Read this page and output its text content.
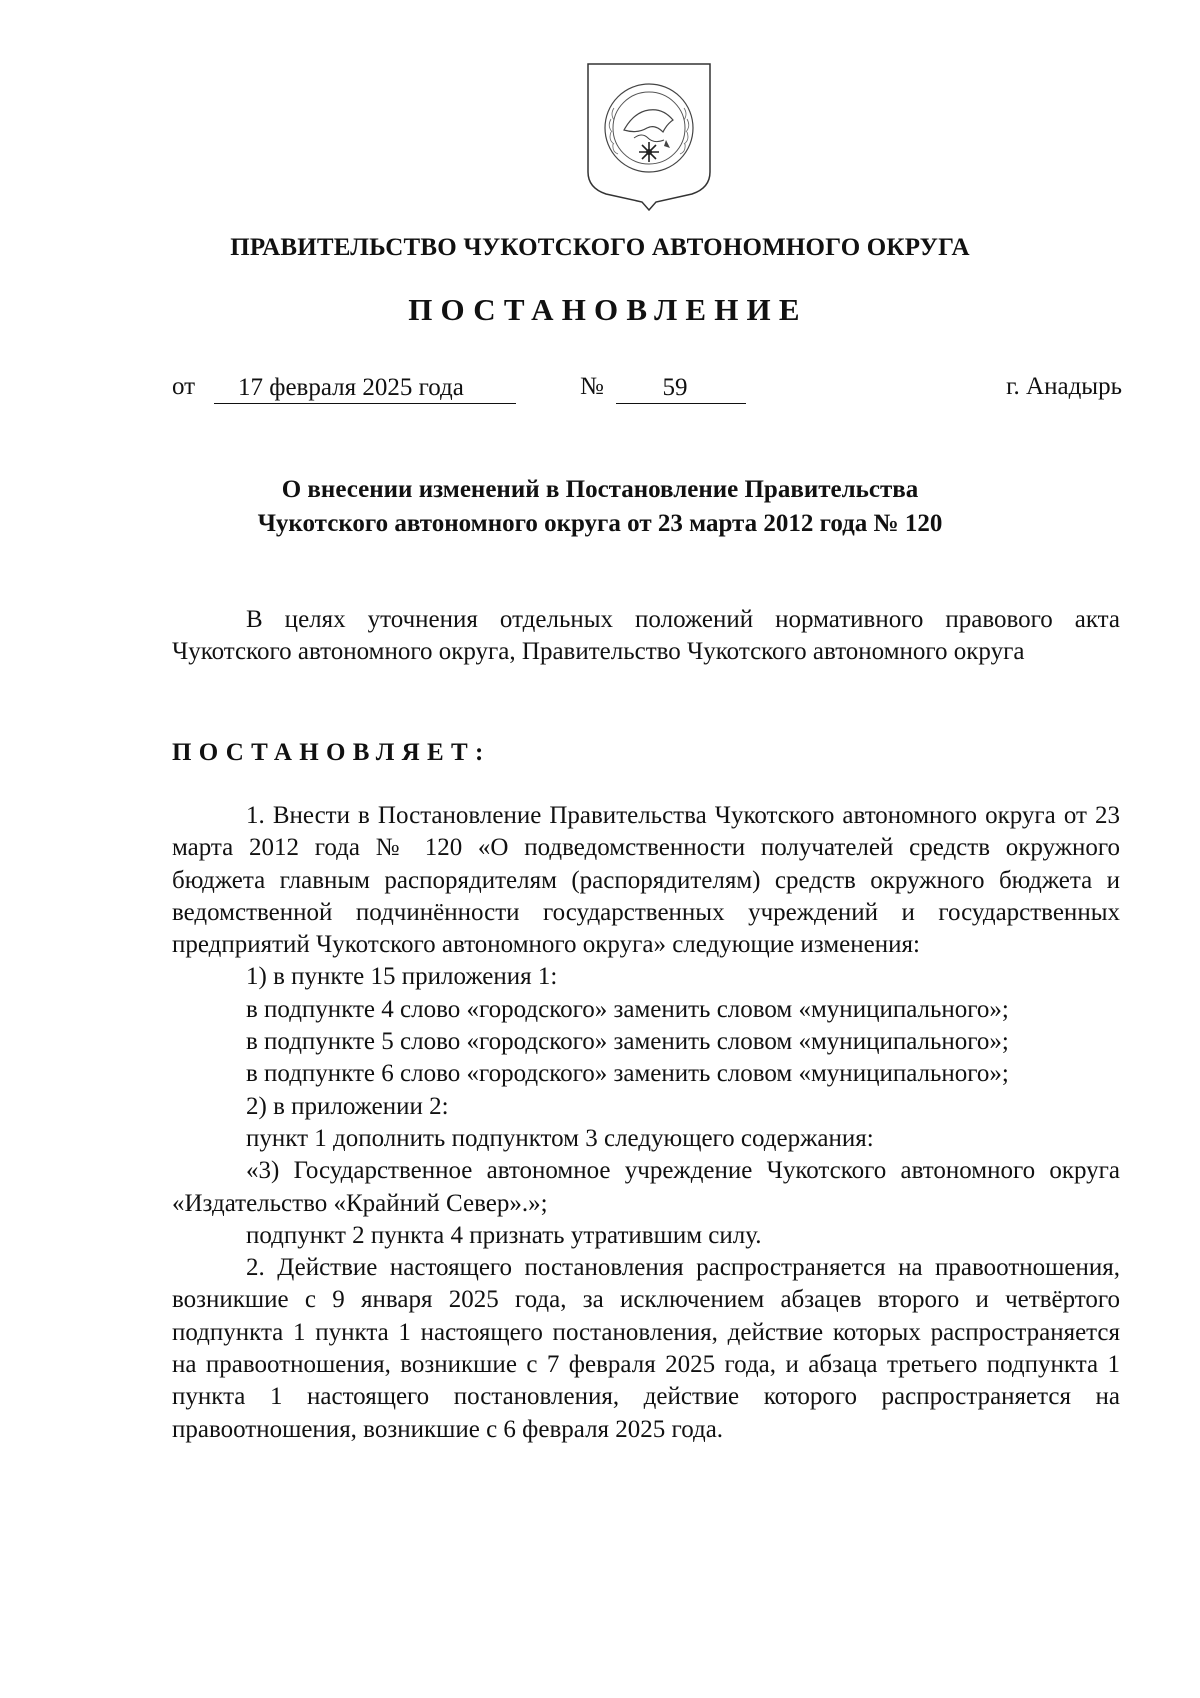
ПРАВИТЕЛЬСТВО ЧУКОТСКОГО АВТОНОМНОГО ОКРУГА
ПОСТАНОВЛЕНИЕ
от	17 февраля 2025 года	№	59	г. Анадырь
О внесении изменений в Постановление Правительства
Чукотского автономного округа от 23 марта 2012 года № 120

В целях уточнения отдельных положений нормативного правового акта Чукотского автономного округа, Правительство Чукотского автономного округа

ПОСТАНОВЛЯЕТ:

1. Внести в Постановление Правительства Чукотского автономного округа от 23 марта 2012 года № 120 «О подведомственности получателей средств окружного бюджета главным распорядителям (распорядителям) средств окружного бюджета и ведомственной подчинённости государственных учреждений и государственных предприятий Чукотского автономного округа» следующие изменения:

1) в пункте 15 приложения 1:

в подпункте 4 слово «городского» заменить словом «муниципального»;

в подпункте 5 слово «городского» заменить словом «муниципального»;

в подпункте 6 слово «городского» заменить словом «муниципального»;

2) в приложении 2:

пункт 1 дополнить подпунктом 3 следующего содержания:

«3) Государственное автономное учреждение Чукотского автономного округа «Издательство «Крайний Север».»;

подпункт 2 пункта 4 признать утратившим силу.

2. Действие настоящего постановления распространяется на правоотношения, возникшие с 9 января 2025 года, за исключением абзацев второго и четвёртого подпункта 1 пункта 1 настоящего постановления, действие которых распространяется на правоотношения, возникшие с 7 февраля 2025 года, и абзаца третьего подпункта 1 пункта 1 настоящего постановления, действие которого распространяется на правоотношения, возникшие с 6 февраля 2025 года.
